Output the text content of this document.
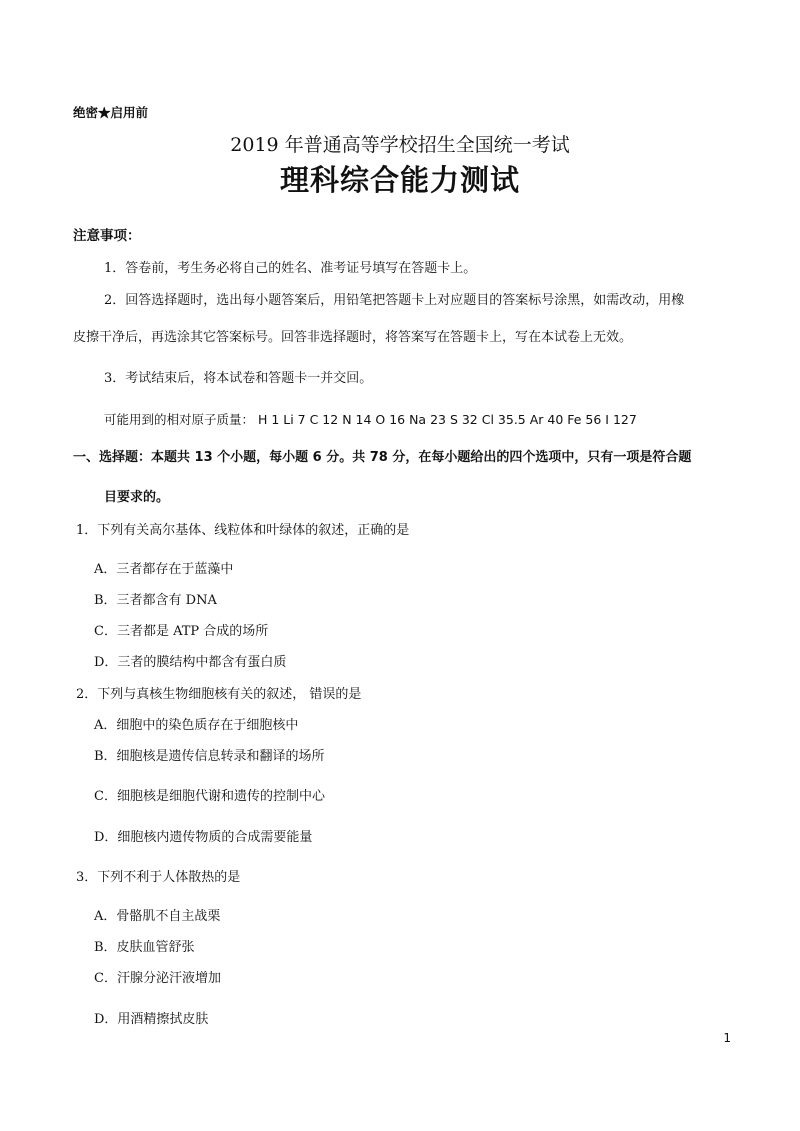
绝密★启用前
2019 年普通高等学校招生全国统一考试
理科综合能力测试
注意事项：
1．答卷前，考生务必将自己的姓名、准考证号填写在答题卡上。
2．回答选择题时，选出每小题答案后，用铅笔把答题卡上对应题目的答案标号涂黑，如需改动，用橡
皮擦干净后，再选涂其它答案标号。回答非选择题时，将答案写在答题卡上，写在本试卷上无效。
3．考试结束后，将本试卷和答题卡一并交回。
可能用到的相对原子质量： H 1 Li 7 C 12 N 14 O 16 Na 23 S 32 Cl 35.5 Ar 40 Fe 56 I 127
一、选择题：本题共 13 个小题，每小题 6 分。共 78 分，在每小题给出的四个选项中，只有一项是符合题
目要求的。
1．下列有关高尔基体、线粒体和叶绿体的叙述，正确的是
A．三者都存在于蓝藻中
B．三者都含有 DNA
C．三者都是 ATP 合成的场所
D．三者的膜结构中都含有蛋白质
2．下列与真核生物细胞核有关的叙述， 错误的是
A．细胞中的染色质存在于细胞核中
B．细胞核是遗传信息转录和翻译的场所
C．细胞核是细胞代谢和遗传的控制中心
D．细胞核内遗传物质的合成需要能量
3．下列不利于人体散热的是
A．骨骼肌不自主战栗
B．皮肤血管舒张
C．汗腺分泌汗液增加
D．用酒精擦拭皮肤
1
